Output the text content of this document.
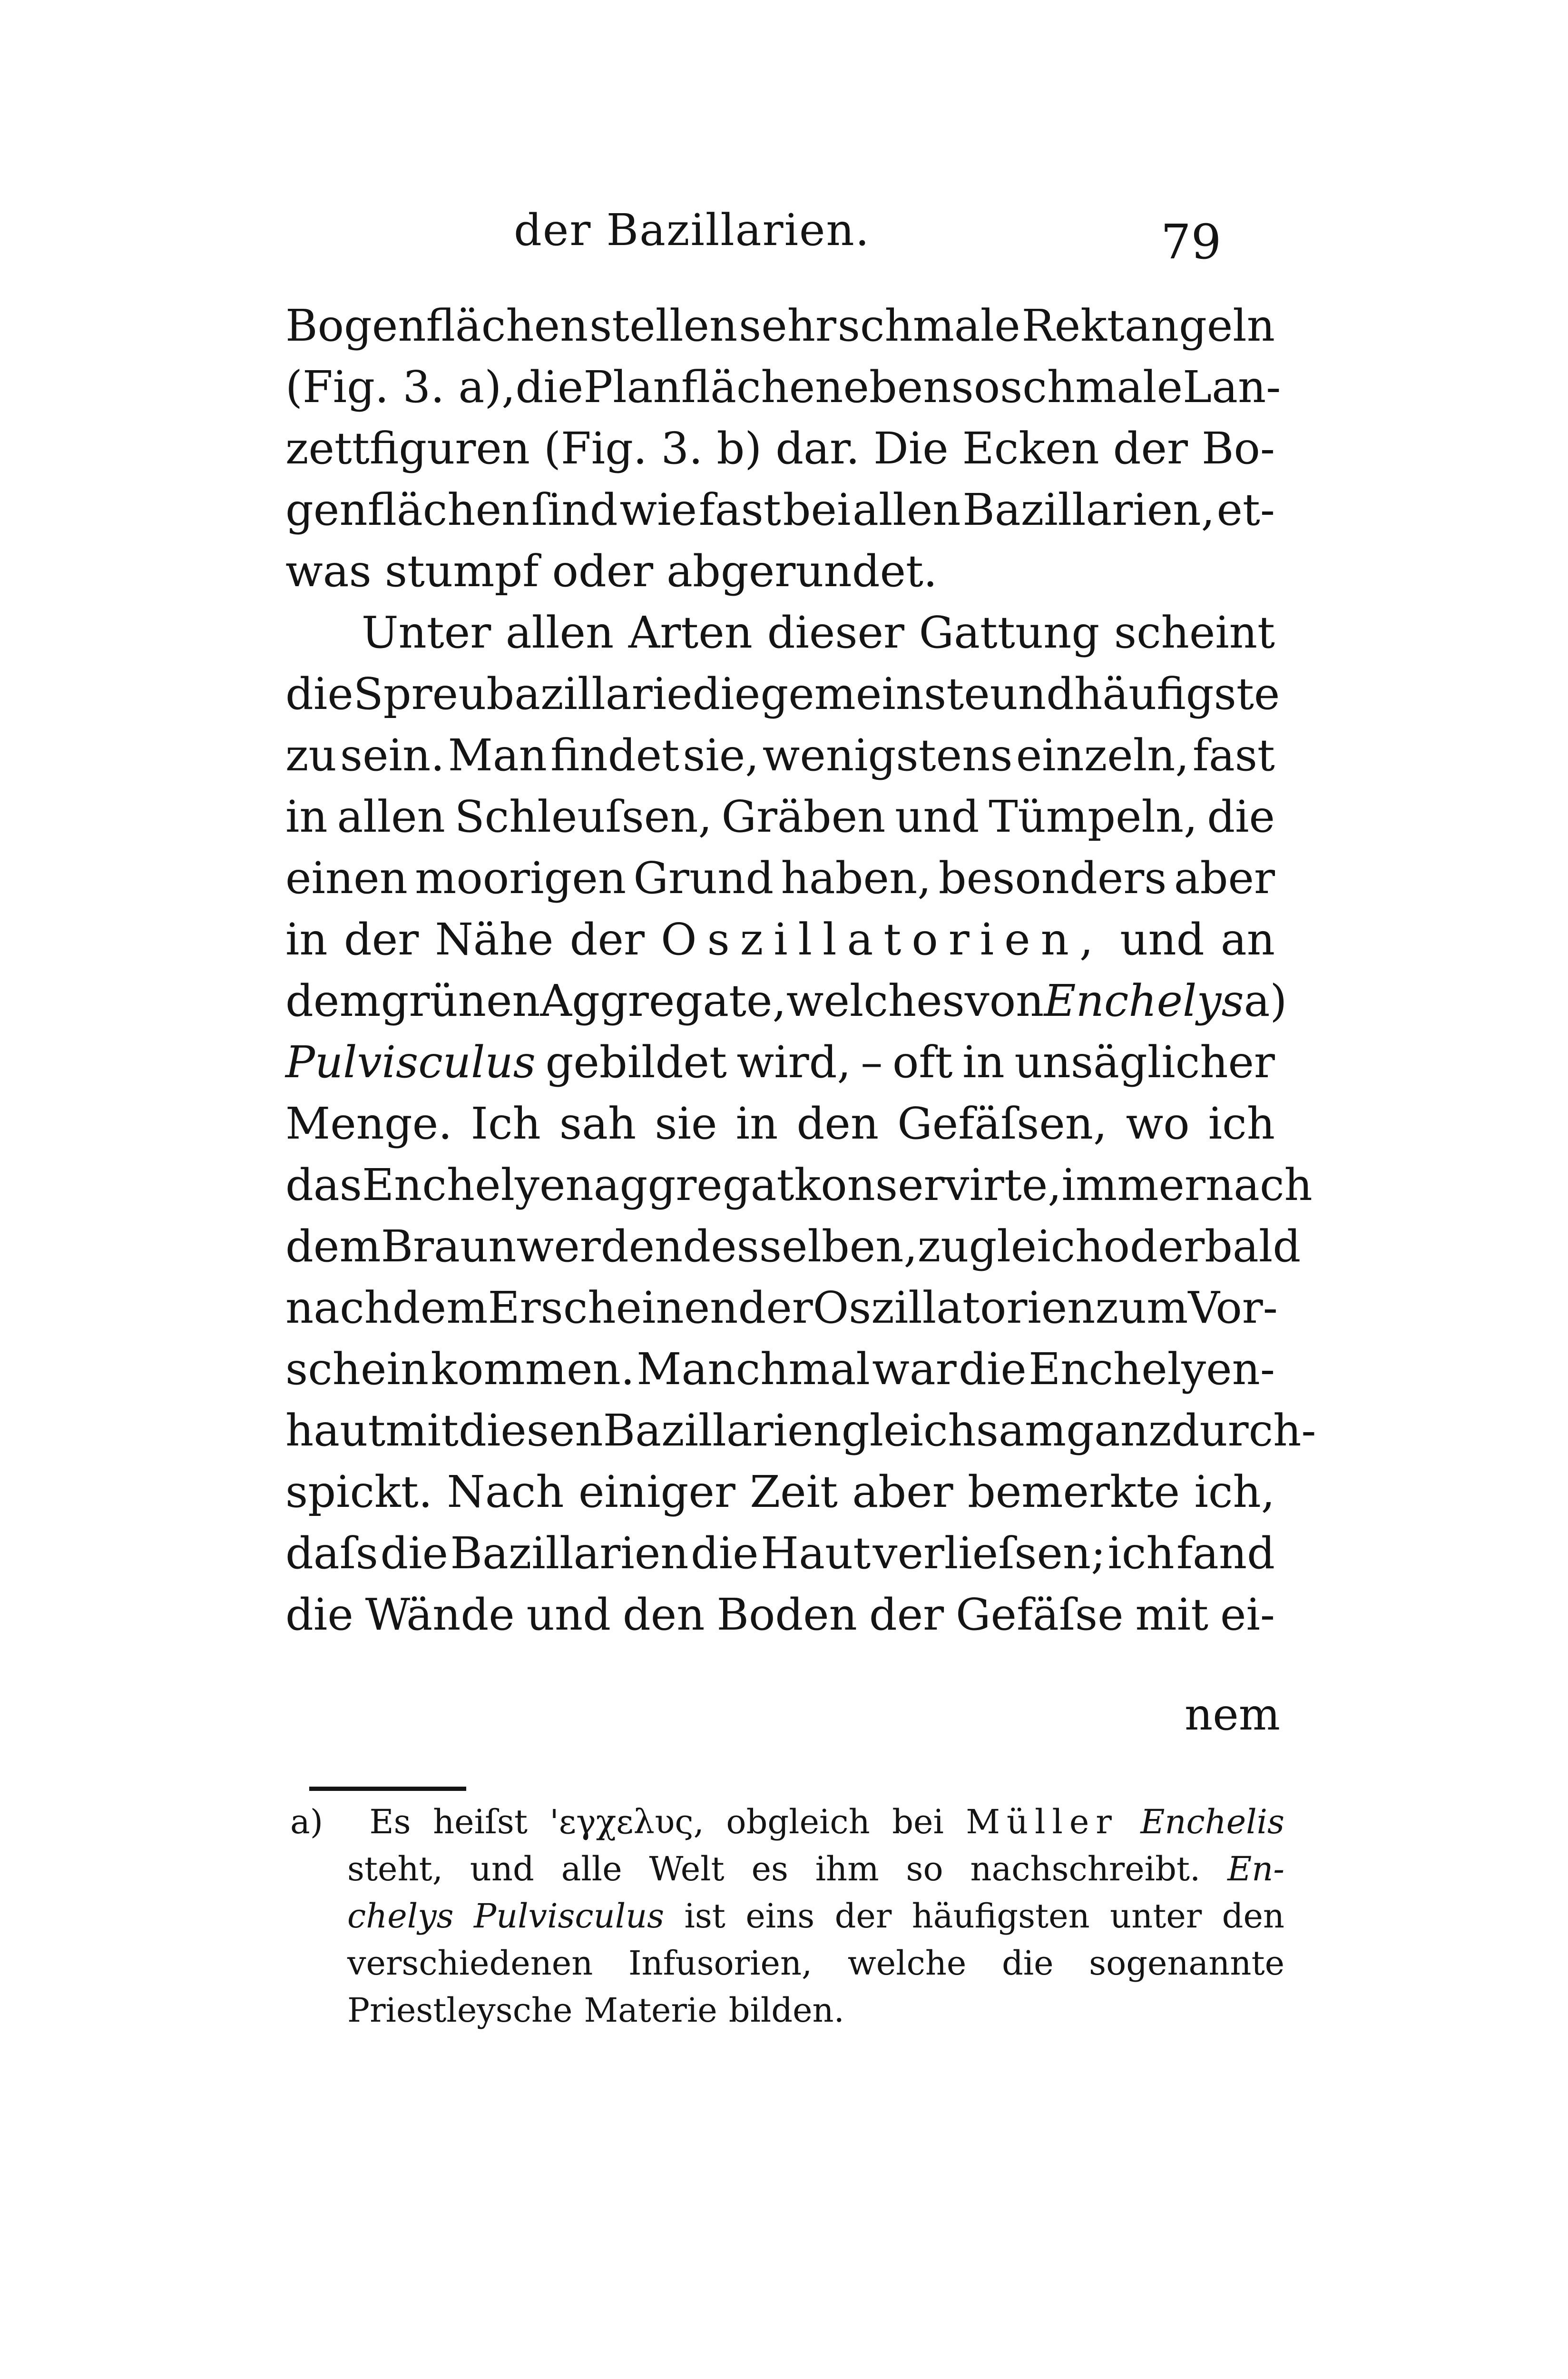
der Bazillarien.	79
Bogenflächen stellen sehr schmale Rektangeln
(Fig. 3. a), die Planflächen eben so schmale Lan-
zettfiguren (Fig. 3. b) dar. Die Ecken der Bo-
genflächen ſind wie fast bei allen Bazillarien, et-
was stumpf oder abgerundet.
Unter allen Arten dieser Gattung scheint
die Spreubazillarie die gemeinste und häufigste
zu sein. Man findet sie, wenigstens einzeln, fast
in allen Schleuſsen, Gräben und Tümpeln, die
einen moorigen Grund haben, besonders aber
in der Nähe der Oszillatorien, und an
dem grünen Aggregate, welches von Enchelys a)
Pulvisculus gebildet wird, – oft in unsäglicher
Menge. Ich sah sie in den Gefäſsen, wo ich
das Enchelyenaggregat konservirte, immer nach
dem Braunwerden desselben, zugleich oder bald
nach dem Erscheinen der Oszillatorien zum Vor-
schein kommen. Manchmal war die Enchelyen-
haut mit diesen Bazillarien gleichsam ganz durch-
spickt. Nach einiger Zeit aber bemerkte ich,
daſs die Bazillarien die Haut verlieſsen; ich fand
die Wände und den Boden der Gefäſse mit ei-
nem
a)	Es heiſst 'εγχελυς, obgleich bei Müller Enchelis
steht, und alle Welt es ihm so nachschreibt. En-
chelys Pulvisculus ist eins der häufigsten unter den
verschiedenen Infusorien, welche die sogenannte
Priestleysche Materie bilden.
